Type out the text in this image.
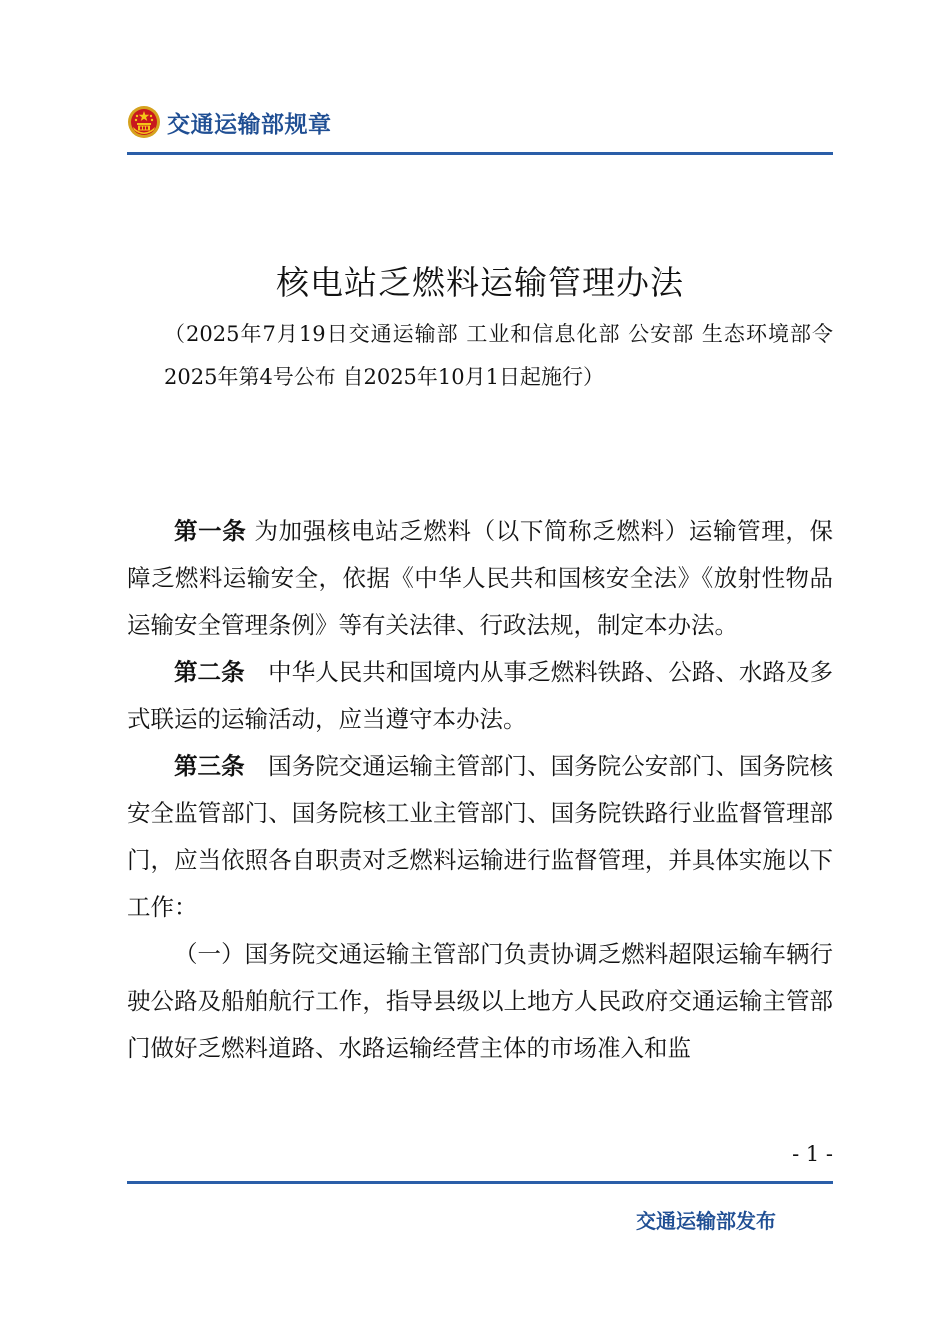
交通运输部规章
核电站乏燃料运输管理办法
（2025年7月19日交通运输部 工业和信息化部 公安部 生态环境部令2025年第4号公布 自2025年10月1日起施行）

第一条 为加强核电站乏燃料（以下简称乏燃料）运输管理，保障乏燃料运输安全，依据《中华人民共和国核安全法》《放射性物品运输安全管理条例》等有关法律、行政法规，制定本办法。

第二条　中华人民共和国境内从事乏燃料铁路、公路、水路及多式联运的运输活动，应当遵守本办法。

第三条　国务院交通运输主管部门、国务院公安部门、国务院核安全监管部门、国务院核工业主管部门、国务院铁路行业监督管理部门，应当依照各自职责对乏燃料运输进行监督管理，并具体实施以下工作：

（一）国务院交通运输主管部门负责协调乏燃料超限运输车辆行驶公路及船舶航行工作，指导县级以上地方人民政府交通运输主管部门做好乏燃料道路、水路运输经营主体的市场准入和监

- 1 -
交通运输部发布
